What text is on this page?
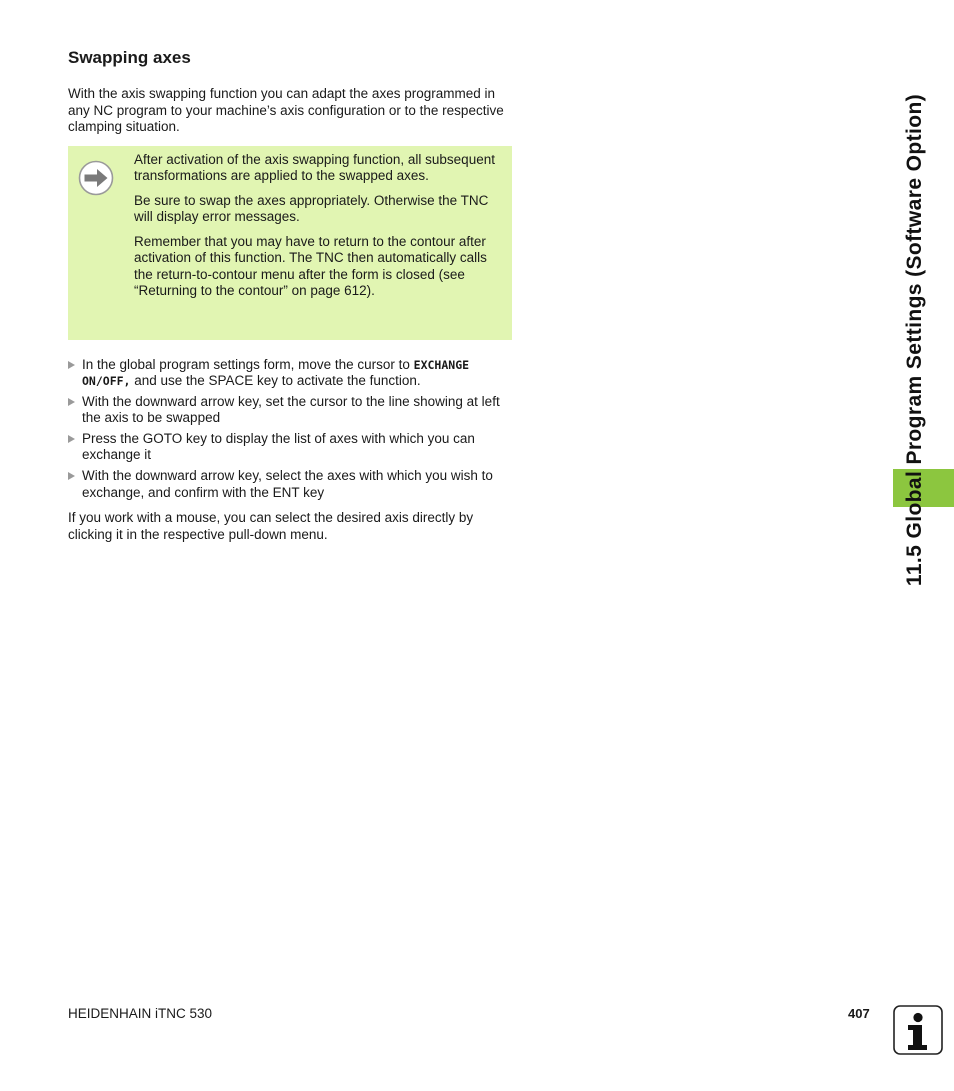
Swapping axes

With the axis swapping function you can adapt the axes programmed in any NC program to your machine’s axis configuration or to the respective clamping situation.

After activation of the axis swapping function, all subsequent transformations are applied to the swapped axes.

Be sure to swap the axes appropriately. Otherwise the TNC will display error messages.

Remember that you may have to return to the contour after activation of this function. The TNC then automatically calls the return-to-contour menu after the form is closed (see “Returning to the contour” on page 612).

In the global program settings form, move the cursor to EXCHANGE ON/OFF, and use the SPACE key to activate the function.
With the downward arrow key, set the cursor to the line showing at left the axis to be swapped
Press the GOTO key to display the list of axes with which you can exchange it
With the downward arrow key, select the axes with which you wish to exchange, and confirm with the ENT key

If you work with a mouse, you can select the desired axis directly by clicking it in the respective pull-down menu.	11.5 Global Program Settings (Software Option)
HEIDENHAIN iTNC 530	407
